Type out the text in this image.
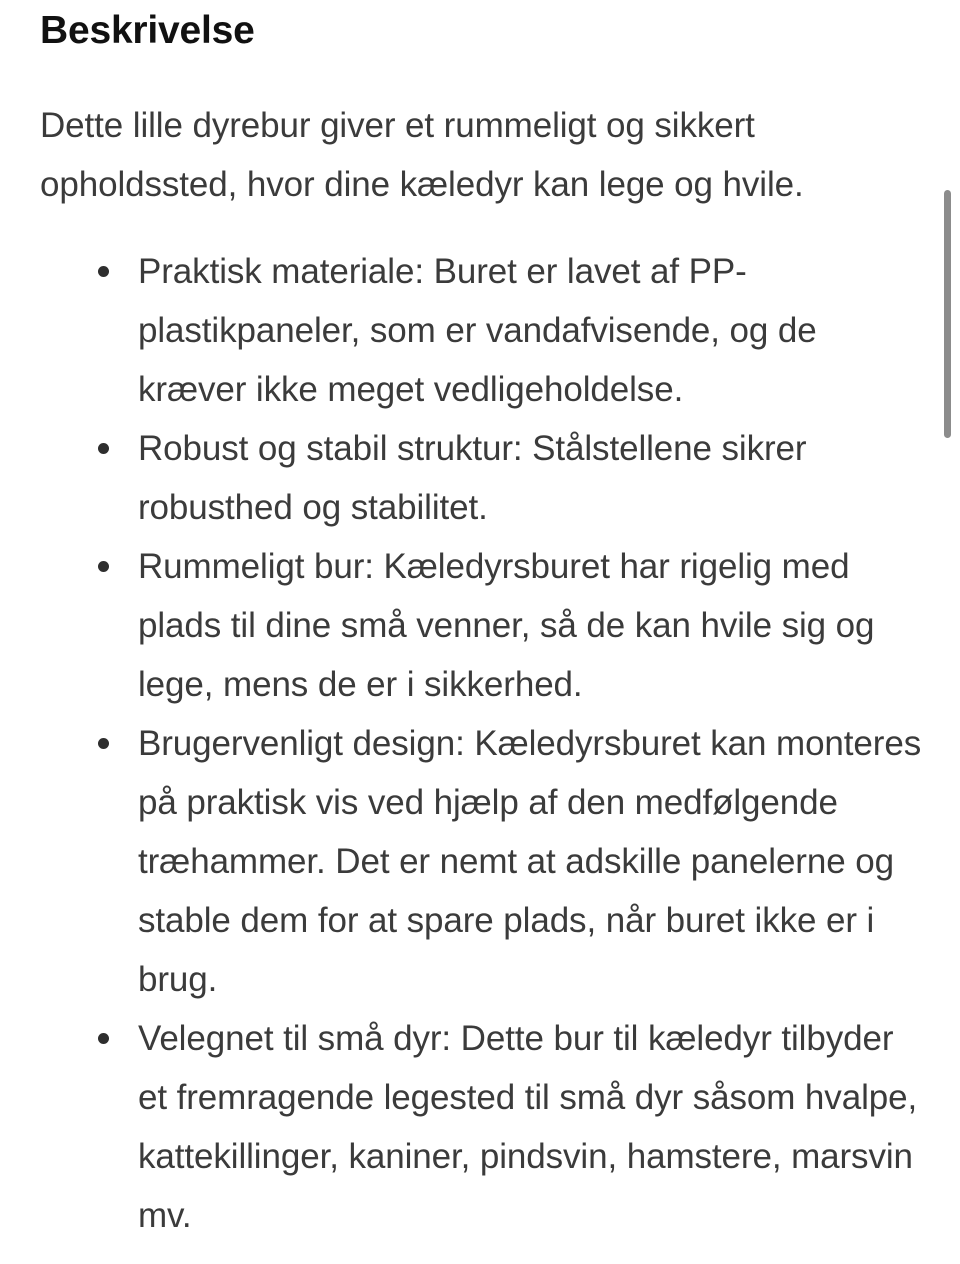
Beskrivelse

Dette lille dyrebur giver et rummeligt og sikkert opholdssted, hvor dine kæledyr kan lege og hvile.

Praktisk materiale: Buret er lavet af PP-plastikpaneler, som er vandafvisende, og de kræver ikke meget vedligeholdelse.
Robust og stabil struktur: Stålstellene sikrer robusthed og stabilitet.
Rummeligt bur: Kæledyrsburet har rigelig med plads til dine små venner, så de kan hvile sig og lege, mens de er i sikkerhed.
Brugervenligt design: Kæledyrsburet kan monteres på praktisk vis ved hjælp af den medfølgende træhammer. Det er nemt at adskille panelerne og stable dem for at spare plads, når buret ikke er i brug.
Velegnet til små dyr: Dette bur til kæledyr tilbyder et fremragende legested til små dyr såsom hvalpe, kattekillinger, kaniner, pindsvin, hamstere, marsvin mv.
